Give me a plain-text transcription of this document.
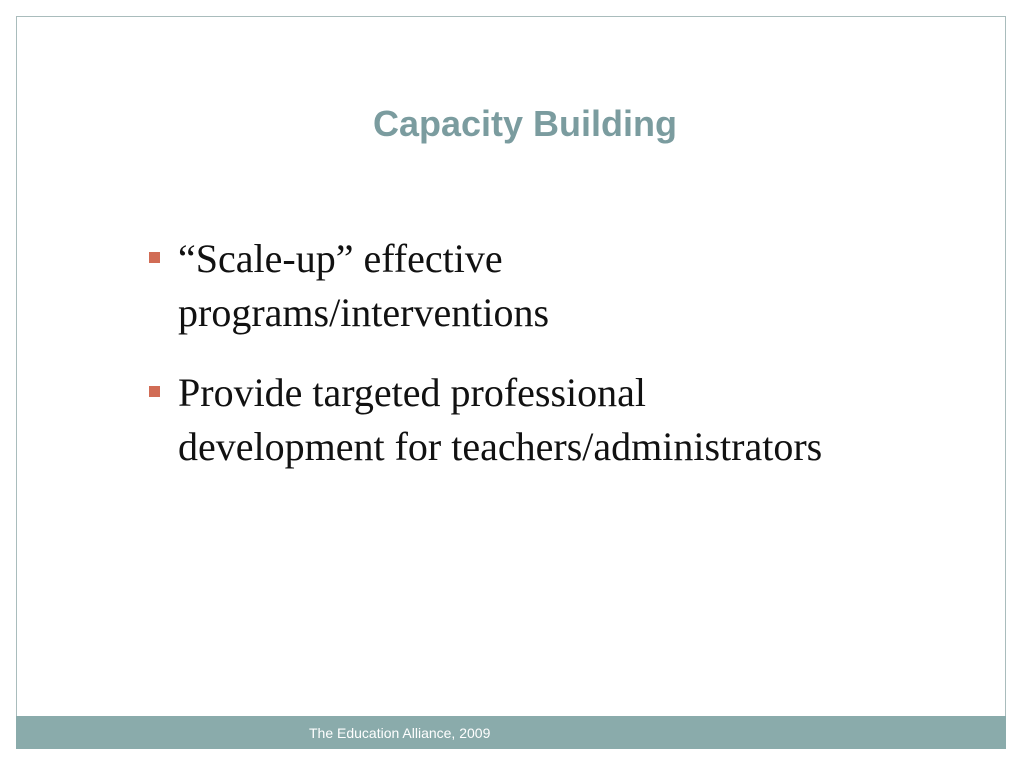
Capacity Building
“Scale-up” effective programs/interventions
Provide targeted professional development for teachers/administrators
The Education Alliance, 2009
